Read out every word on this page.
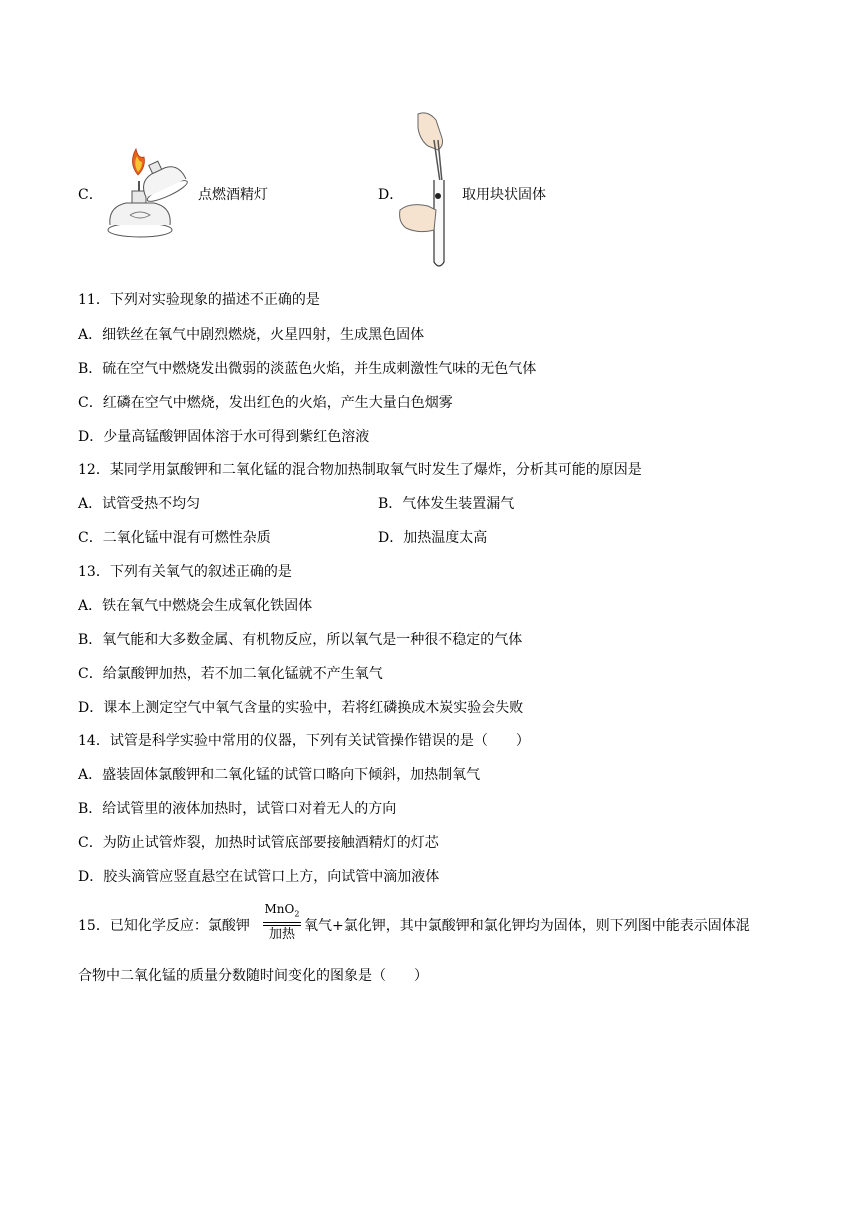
C．	点燃酒精灯	D．	取用块状固体
11．下列对实验现象的描述不正确的是
A．细铁丝在氧气中剧烈燃烧，火星四射，生成黑色固体
B．硫在空气中燃烧发出微弱的淡蓝色火焰，并生成刺激性气味的无色气体
C．红磷在空气中燃烧，发出红色的火焰，产生大量白色烟雾
D．少量高锰酸钾固体溶于水可得到紫红色溶液
12．某同学用氯酸钾和二氧化锰的混合物加热制取氧气时发生了爆炸，分析其可能的原因是
A．试管受热不均匀	B．气体发生装置漏气
C．二氧化锰中混有可燃性杂质	D．加热温度太高
13．下列有关氧气的叙述正确的是
A．铁在氧气中燃烧会生成氧化铁固体
B．氧气能和大多数金属、有机物反应，所以氧气是一种很不稳定的气体
C．给氯酸钾加热，若不加二氧化锰就不产生氧气
D．课本上测定空气中氧气含量的实验中，若将红磷换成木炭实验会失败
14．试管是科学实验中常用的仪器，下列有关试管操作错误的是（　　）
A．盛装固体氯酸钾和二氧化锰的试管口略向下倾斜，加热制氧气
B．给试管里的液体加热时，试管口对着无人的方向
C．为防止试管炸裂，加热时试管底部要接触酒精灯的灯芯
D．胶头滴管应竖直悬空在试管口上方，向试管中滴加液体
15．已知化学反应：氯酸钾
MnO$_2$
加热
氧气+氯化钾，其中氯酸钾和氯化钾均为固体，则下列图中能表示固体混
合物中二氧化锰的质量分数随时间变化的图象是（　　）
